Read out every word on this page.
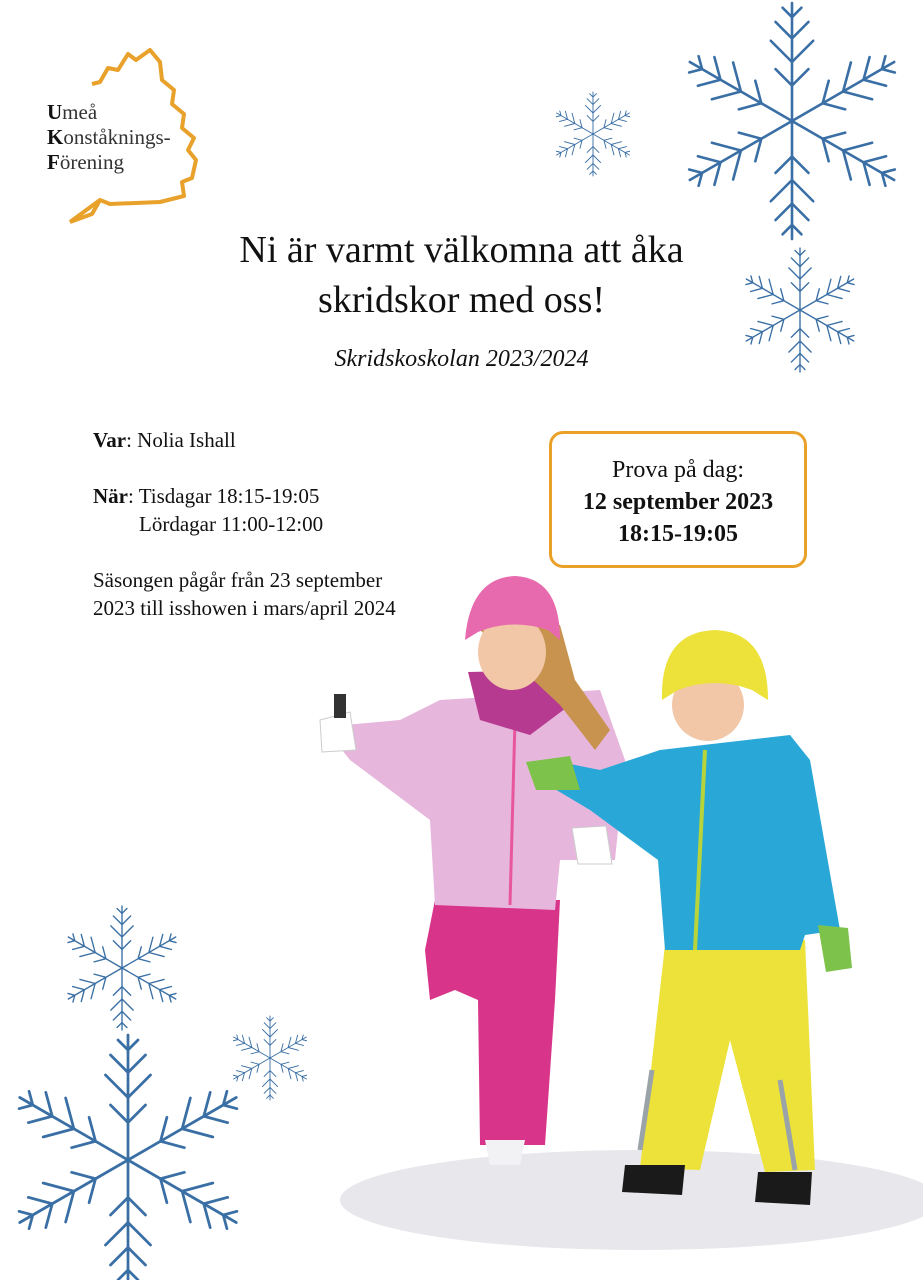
Umeå
Konståknings-
Förening
Ni är varmt välkomna att åka
skridskor med oss!
Skridskoskolan 2023/2024
Var: Nolia Ishall
När: Tisdagar 18:15-19:05
Lördagar 11:00-12:00
Säsongen pågår från 23 september
2023 till isshowen i mars/april 2024
Prova på dag:
12 september 2023
18:15-19:05
